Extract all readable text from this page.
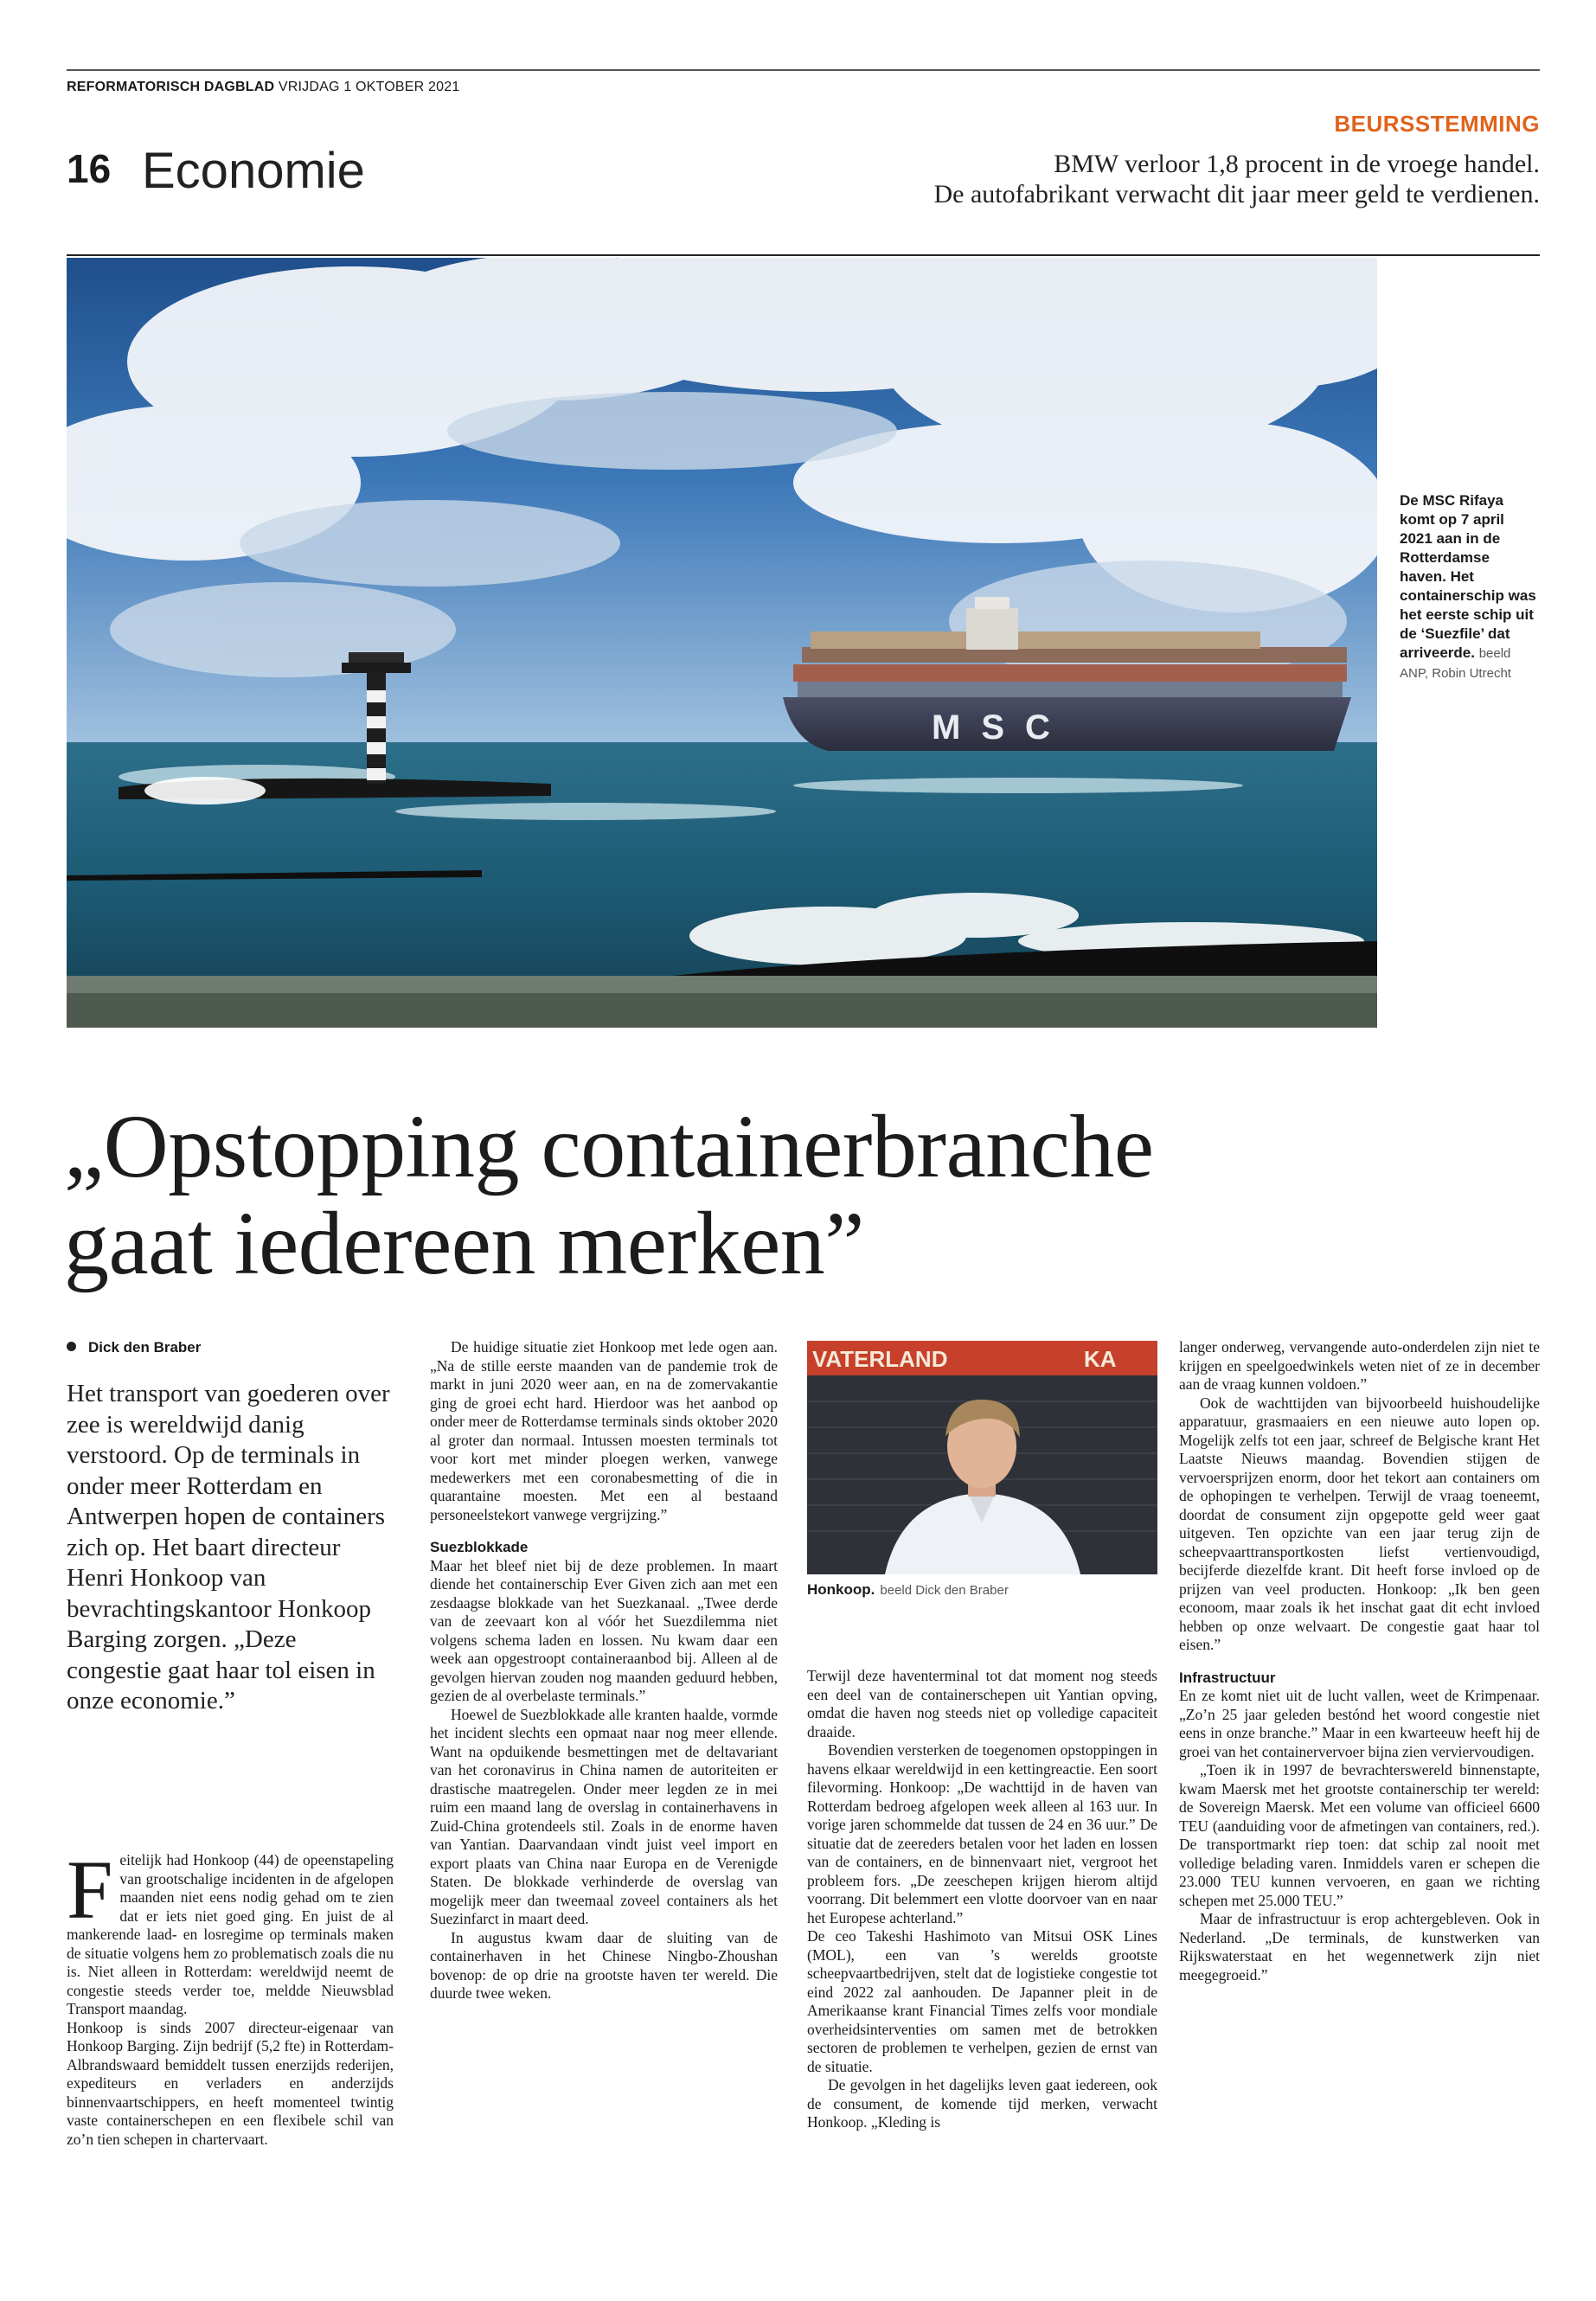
REFORMATORISCH DAGBLAD VRIJDAG 1 OKTOBER 2021
16 Economie
BEURSSTEMMING
BMW verloor 1,8 procent in de vroege handel.
De autofabrikant verwacht dit jaar meer geld te verdienen.
MSC
De MSC Rifaya komt op 7 april 2021 aan in de Rotterdamse haven. Het containerschip was het eerste schip uit de ‘Suezfile’ dat arriveerde. beeld ANP, Robin Utrecht
„Opstopping containerbranche
gaat iedereen merken”
Dick den Braber
Het transport van goederen over zee is wereldwijd danig verstoord. Op de terminals in onder meer Rotterdam en Antwerpen hopen de containers zich op. Het baart directeur Henri Honkoop van bevrachtingskantoor Honkoop Barging zorgen. „Deze congestie gaat haar tol eisen in onze economie.”

Feitelijk had Honkoop (44) de opeenstapeling van grootschalige incidenten in de afgelopen maanden niet eens nodig gehad om te zien dat er iets niet goed ging. En juist de al mankerende laad- en losregime op terminals maken de situatie volgens hem zo problematisch zoals die nu is. Niet alleen in Rotterdam: wereldwijd neemt de congestie steeds verder toe, meldde Nieuwsblad Transport maandag.

Honkoop is sinds 2007 directeur-eigenaar van Honkoop Barging. Zijn bedrijf (5,2 fte) in Rotterdam-Albrandswaard bemiddelt tussen enerzijds rederijen, expediteurs en verladers en anderzijds binnenvaartschippers, en heeft momenteel twintig vaste containerschepen en een flexibele schil van zo’n tien schepen in chartervaart.

De huidige situatie ziet Honkoop met lede ogen aan. „Na de stille eerste maanden van de pandemie trok de markt in juni 2020 weer aan, en na de zomervakantie ging de groei echt hard. Hierdoor was het aanbod op onder meer de Rotterdamse terminals sinds oktober 2020 al groter dan normaal. Intussen moesten terminals tot voor kort met minder ploegen werken, vanwege medewerkers met een coronabesmetting of die in quarantaine moesten. Met een al bestaand personeelstekort vanwege vergrijzing.”

Suezblokkade

Maar het bleef niet bij de deze problemen. In maart diende het containerschip Ever Given zich aan met een zesdaagse blokkade van het Suezkanaal. „Twee derde van de zeevaart kon al vóór het Suezdilemma niet volgens schema laden en lossen. Nu kwam daar een week aan opgestroopt containeraanbod bij. Alleen al de gevolgen hiervan zouden nog maanden geduurd hebben, gezien de al overbelaste terminals.”

Hoewel de Suezblokkade alle kranten haalde, vormde het incident slechts een opmaat naar nog meer ellende. Want na opduikende besmettingen met de deltavariant van het coronavirus in China namen de autoriteiten er drastische maatregelen. Onder meer legden ze in mei ruim een maand lang de overslag in containerhavens in Zuid-China grotendeels stil. Zoals in de enorme haven van Yantian. Daarvandaan vindt juist veel import en export plaats van China naar Europa en de Verenigde Staten. De blokkade verhinderde de overslag van mogelijk meer dan tweemaal zoveel containers als het Suezinfarct in maart deed.

In augustus kwam daar de sluiting van de containerhaven in het Chinese Ningbo-Zhoushan bovenop: de op drie na grootste haven ter wereld. Die duurde twee weken.

VATERLAND	KA
Honkoop. beeld Dick den Braber

Terwijl deze haventerminal tot dat moment nog steeds een deel van de containerschepen uit Yantian opving, omdat die haven nog steeds niet op volledige capaciteit draaide.

Bovendien versterken de toegenomen opstoppingen in havens elkaar wereldwijd in een kettingreactie. Een soort filevorming. Honkoop: „De wachttijd in de haven van Rotterdam bedroeg afgelopen week alleen al 163 uur. In vorige jaren schommelde dat tussen de 24 en 36 uur.” De situatie dat de zeereders betalen voor het laden en lossen van de containers, en de binnenvaart niet, vergroot het probleem fors. „De zeeschepen krijgen hierom altijd voorrang. Dit belemmert een vlotte doorvoer van en naar het Europese achterland.”

De ceo Takeshi Hashimoto van Mitsui OSK Lines (MOL), een van ’s werelds grootste scheepvaartbedrijven, stelt dat de logistieke congestie tot eind 2022 zal aanhouden. De Japanner pleit in de Amerikaanse krant Financial Times zelfs voor mondiale overheidsinterventies om samen met de betrokken sectoren de problemen te verhelpen, gezien de ernst van de situatie.

De gevolgen in het dagelijks leven gaat iedereen, ook de consument, de komende tijd merken, verwacht Honkoop. „Kleding is

langer onderweg, vervangende auto-onderdelen zijn niet te krijgen en speelgoedwinkels weten niet of ze in december aan de vraag kunnen voldoen.”

Ook de wachttijden van bijvoorbeeld huishoudelijke apparatuur, grasmaaiers en een nieuwe auto lopen op. Mogelijk zelfs tot een jaar, schreef de Belgische krant Het Laatste Nieuws maandag. Bovendien stijgen de vervoersprijzen enorm, door het tekort aan containers om de ophopingen te verhelpen. Terwijl de vraag toeneemt, doordat de consument zijn opgepotte geld weer gaat uitgeven. Ten opzichte van een jaar terug zijn de scheepvaarttransportkosten liefst vertienvoudigd, becijferde diezelfde krant. Dit heeft forse invloed op de prijzen van veel producten. Honkoop: „Ik ben geen econoom, maar zoals ik het inschat gaat dit echt invloed hebben op onze welvaart. De congestie gaat haar tol eisen.”

Infrastructuur

En ze komt niet uit de lucht vallen, weet de Krimpenaar. „Zo’n 25 jaar geleden bestónd het woord congestie niet eens in onze branche.” Maar in een kwarteeuw heeft hij de groei van het containervervoer bijna zien verviervoudigen.

„Toen ik in 1997 de bevrachterswereld binnenstapte, kwam Maersk met het grootste containerschip ter wereld: de Sovereign Maersk. Met een volume van officieel 6600 TEU (aanduiding voor de afmetingen van containers, red.). De transportmarkt riep toen: dat schip zal nooit met volledige belading varen. Inmiddels varen er schepen die 23.000 TEU kunnen vervoeren, en gaan we richting schepen met 25.000 TEU.”

Maar de infrastructuur is erop achtergebleven. Ook in Nederland. „De terminals, de kunstwerken van Rijkswaterstaat en het wegennetwerk zijn niet meegegroeid.”
